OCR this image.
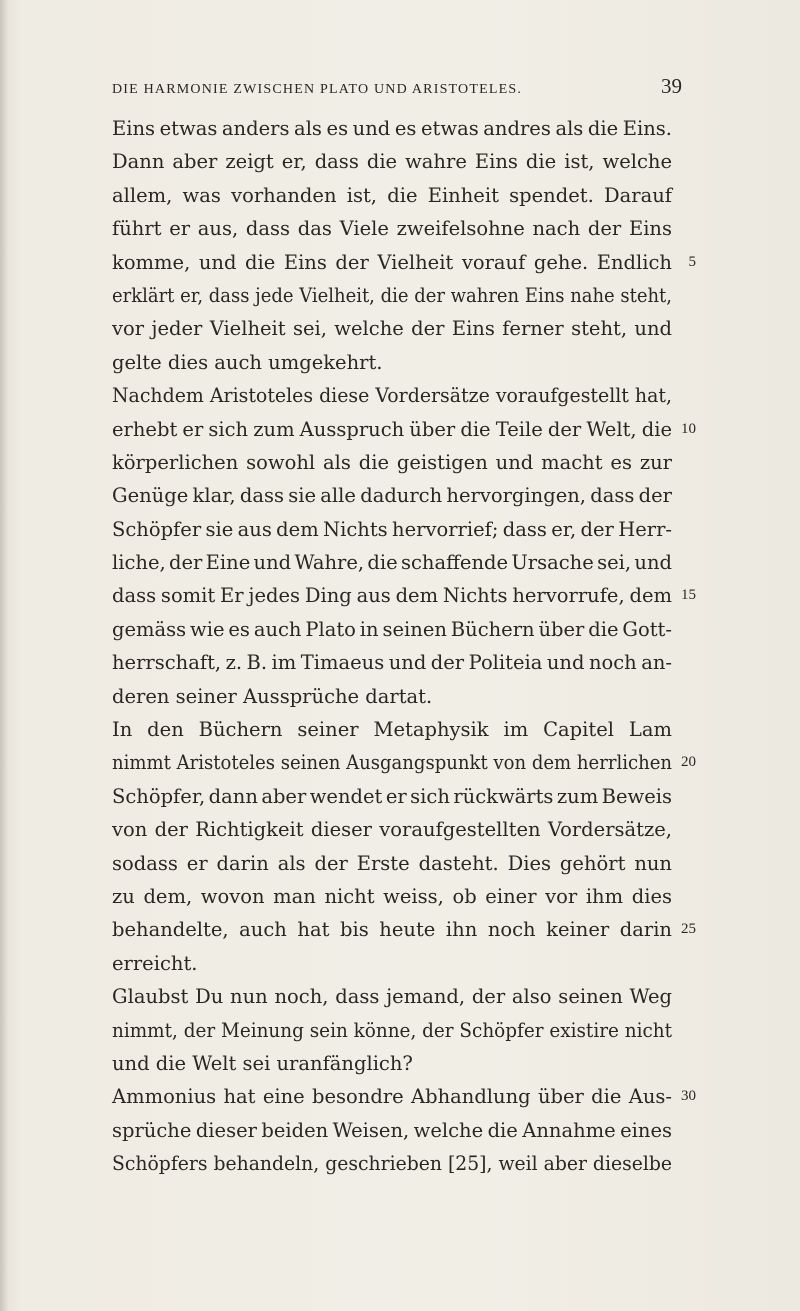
DIE HARMONIE ZWISCHEN PLATO UND ARISTOTELES.	39
Eins etwas anders als es und es etwas andres als die Eins.
Dann aber zeigt er, dass die wahre Eins die ist, welche
allem, was vorhanden ist, die Einheit spendet. Darauf
führt er aus, dass das Viele zweifelsohne nach der Eins
komme, und die Eins der Vielheit vorauf gehe. Endlich 5
erklärt er, dass jede Vielheit, die der wahren Eins nahe steht,
vor jeder Vielheit sei, welche der Eins ferner steht, und
gelte dies auch umgekehrt.
Nachdem Aristoteles diese Vordersätze voraufgestellt hat,
erhebt er sich zum Ausspruch über die Teile der Welt, die 10
körperlichen sowohl als die geistigen und macht es zur
Genüge klar, dass sie alle dadurch hervorgingen, dass der
Schöpfer sie aus dem Nichts hervorrief; dass er, der Herr-
liche, der Eine und Wahre, die schaffende Ursache sei, und
dass somit Er jedes Ding aus dem Nichts hervorrufe, dem 15
gemäss wie es auch Plato in seinen Büchern über die Gott-
herrschaft, z. B. im Timaeus und der Politeia und noch an-
deren seiner Aussprüche dartat.
In den Büchern seiner Metaphysik im Capitel Lam
nimmt Aristoteles seinen Ausgangspunkt von dem herrlichen 20
Schöpfer, dann aber wendet er sich rückwärts zum Beweis
von der Richtigkeit dieser voraufgestellten Vordersätze,
sodass er darin als der Erste dasteht. Dies gehört nun
zu dem, wovon man nicht weiss, ob einer vor ihm dies
behandelte, auch hat bis heute ihn noch keiner darin 25
erreicht.
Glaubst Du nun noch, dass jemand, der also seinen Weg
nimmt, der Meinung sein könne, der Schöpfer existire nicht
und die Welt sei uranfänglich?
Ammonius hat eine besondre Abhandlung über die Aus- 30
sprüche dieser beiden Weisen, welche die Annahme eines
Schöpfers behandeln, geschrieben [25], weil aber dieselbe
